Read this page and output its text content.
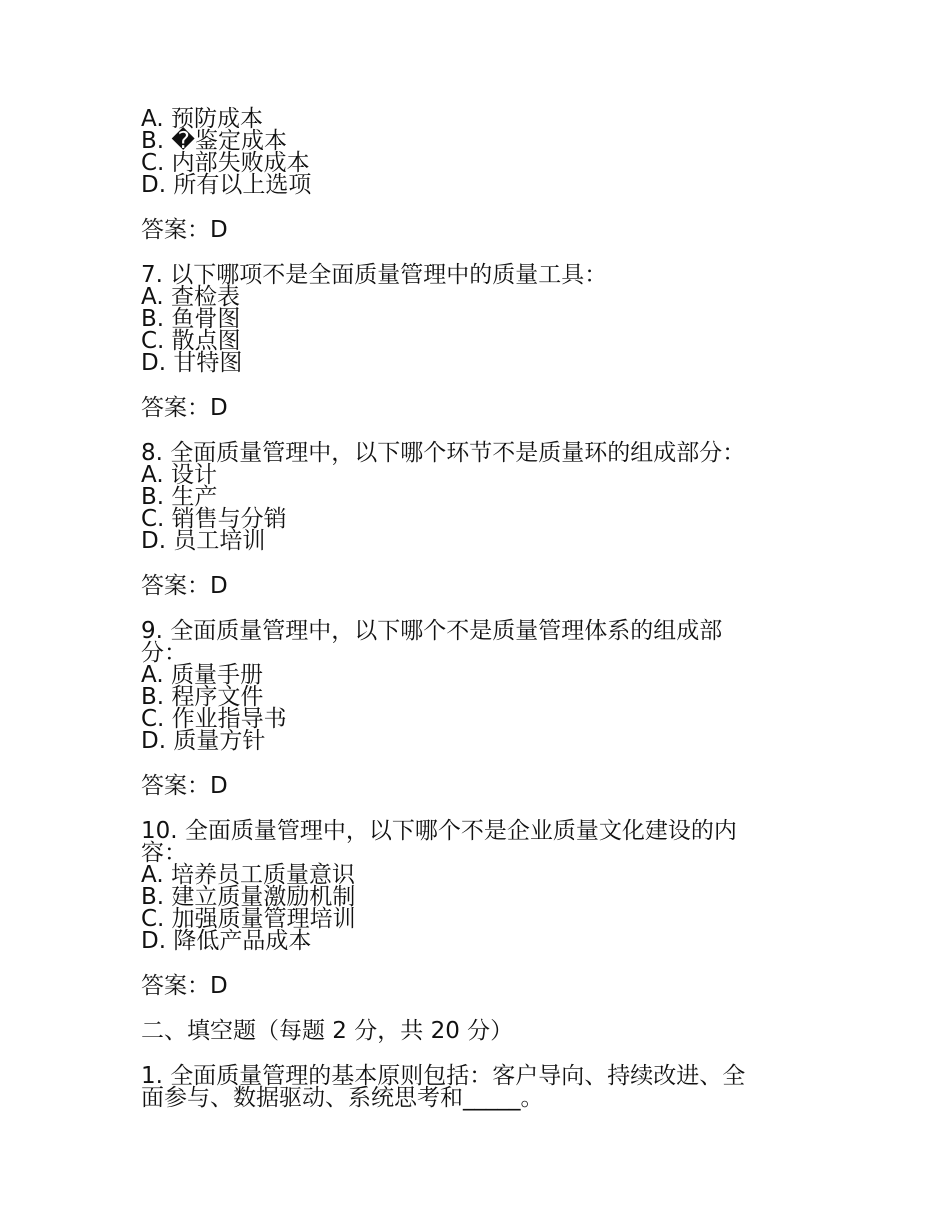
A. 预防成本

B. �鉴定成本

C. 内部失败成本

D. 所有以上选项

答案：D

7. 以下哪项不是全面质量管理中的质量工具：

A. 查检表

B. 鱼骨图

C. 散点图

D. 甘特图

答案：D

8. 全面质量管理中，以下哪个环节不是质量环的组成部分：

A. 设计

B. 生产

C. 销售与分销

D. 员工培训

答案：D

9. 全面质量管理中，以下哪个不是质量管理体系的组成部

分：

A. 质量手册

B. 程序文件

C. 作业指导书

D. 质量方针

答案：D

10. 全面质量管理中，以下哪个不是企业质量文化建设的内

容：

A. 培养员工质量意识

B. 建立质量激励机制

C. 加强质量管理培训

D. 降低产品成本

答案：D

二、填空题（每题 2 分，共 20 分）

1. 全面质量管理的基本原则包括：客户导向、持续改进、全

面参与、数据驱动、系统思考和_____。
